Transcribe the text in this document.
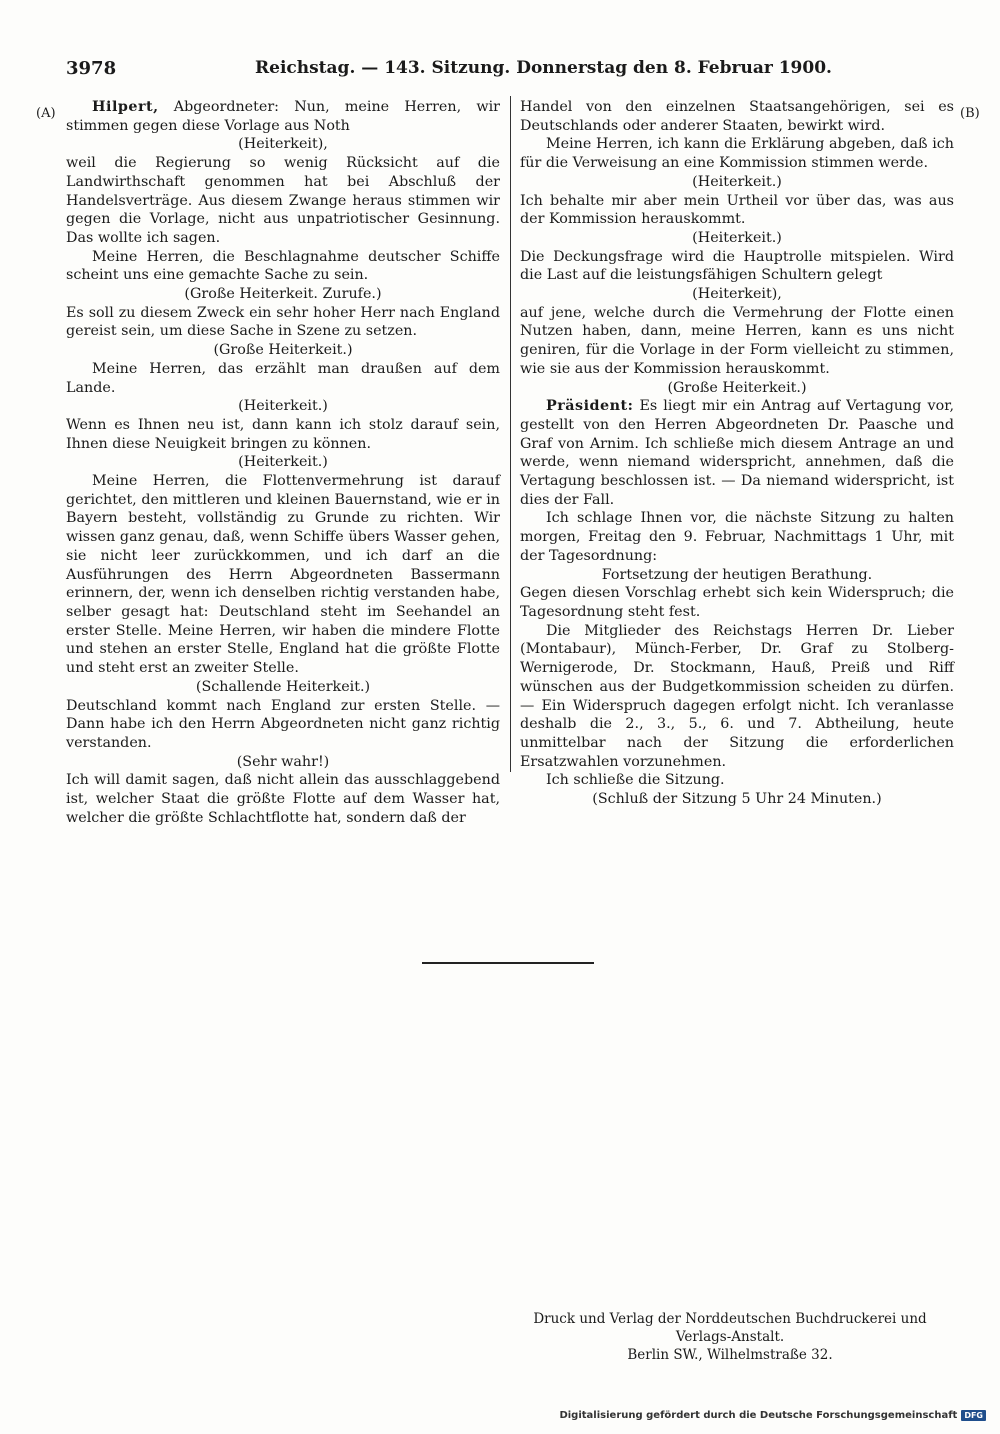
3978	Reichstag. — 143. Sitzung. Donnerstag den 8. Februar 1900.
(A)	(B)

Hilpert, Abgeordneter: Nun, meine Herren, wir stimmen gegen diese Vorlage aus Noth

(Heiterkeit),

weil die Regierung so wenig Rücksicht auf die Landwirthschaft genommen hat bei Abschluß der Handelsverträge. Aus diesem Zwange heraus stimmen wir gegen die Vorlage, nicht aus unpatriotischer Gesinnung. Das wollte ich sagen.

Meine Herren, die Beschlagnahme deutscher Schiffe scheint uns eine gemachte Sache zu sein.

(Große Heiterkeit. Zurufe.)

Es soll zu diesem Zweck ein sehr hoher Herr nach England gereist sein, um diese Sache in Szene zu setzen.

(Große Heiterkeit.)

Meine Herren, das erzählt man draußen auf dem Lande.

(Heiterkeit.)

Wenn es Ihnen neu ist, dann kann ich stolz darauf sein, Ihnen diese Neuigkeit bringen zu können.

(Heiterkeit.)

Meine Herren, die Flottenvermehrung ist darauf gerichtet, den mittleren und kleinen Bauernstand, wie er in Bayern besteht, vollständig zu Grunde zu richten. Wir wissen ganz genau, daß, wenn Schiffe übers Wasser gehen, sie nicht leer zurückkommen, und ich darf an die Ausführungen des Herrn Abgeordneten Bassermann erinnern, der, wenn ich denselben richtig verstanden habe, selber gesagt hat: Deutschland steht im Seehandel an erster Stelle. Meine Herren, wir haben die mindere Flotte und stehen an erster Stelle, England hat die größte Flotte und steht erst an zweiter Stelle.

(Schallende Heiterkeit.)

Deutschland kommt nach England zur ersten Stelle. — Dann habe ich den Herrn Abgeordneten nicht ganz richtig verstanden.

(Sehr wahr!)

Ich will damit sagen, daß nicht allein das ausschlaggebend ist, welcher Staat die größte Flotte auf dem Wasser hat, welcher die größte Schlachtflotte hat, sondern daß der

Handel von den einzelnen Staatsangehörigen, sei es Deutschlands oder anderer Staaten, bewirkt wird.

Meine Herren, ich kann die Erklärung abgeben, daß ich für die Verweisung an eine Kommission stimmen werde.

(Heiterkeit.)

Ich behalte mir aber mein Urtheil vor über das, was aus der Kommission herauskommt.

(Heiterkeit.)

Die Deckungsfrage wird die Hauptrolle mitspielen. Wird die Last auf die leistungsfähigen Schultern gelegt

(Heiterkeit),

auf jene, welche durch die Vermehrung der Flotte einen Nutzen haben, dann, meine Herren, kann es uns nicht geniren, für die Vorlage in der Form vielleicht zu stimmen, wie sie aus der Kommission herauskommt.

(Große Heiterkeit.)

Präsident: Es liegt mir ein Antrag auf Vertagung vor, gestellt von den Herren Abgeordneten Dr. Paasche und Graf von Arnim. Ich schließe mich diesem Antrage an und werde, wenn niemand widerspricht, annehmen, daß die Vertagung beschlossen ist. — Da niemand widerspricht, ist dies der Fall.

Ich schlage Ihnen vor, die nächste Sitzung zu halten morgen, Freitag den 9. Februar, Nachmittags 1 Uhr, mit der Tagesordnung:

Fortsetzung der heutigen Berathung.

Gegen diesen Vorschlag erhebt sich kein Widerspruch; die Tagesordnung steht fest.

Die Mitglieder des Reichstags Herren Dr. Lieber (Montabaur), Münch-Ferber, Dr. Graf zu Stolberg-Wernigerode, Dr. Stockmann, Hauß, Preiß und Riff wünschen aus der Budgetkommission scheiden zu dürfen. — Ein Widerspruch dagegen erfolgt nicht. Ich veranlasse deshalb die 2., 3., 5., 6. und 7. Abtheilung, heute unmittelbar nach der Sitzung die erforderlichen Ersatzwahlen vorzunehmen.

Ich schließe die Sitzung.

(Schluß der Sitzung 5 Uhr 24 Minuten.)

Druck und Verlag der Norddeutschen Buchdruckerei und Verlags-Anstalt.

Berlin SW., Wilhelmstraße 32.

Digitalisierung gefördert durch die Deutsche Forschungsgemeinschaft DFG
